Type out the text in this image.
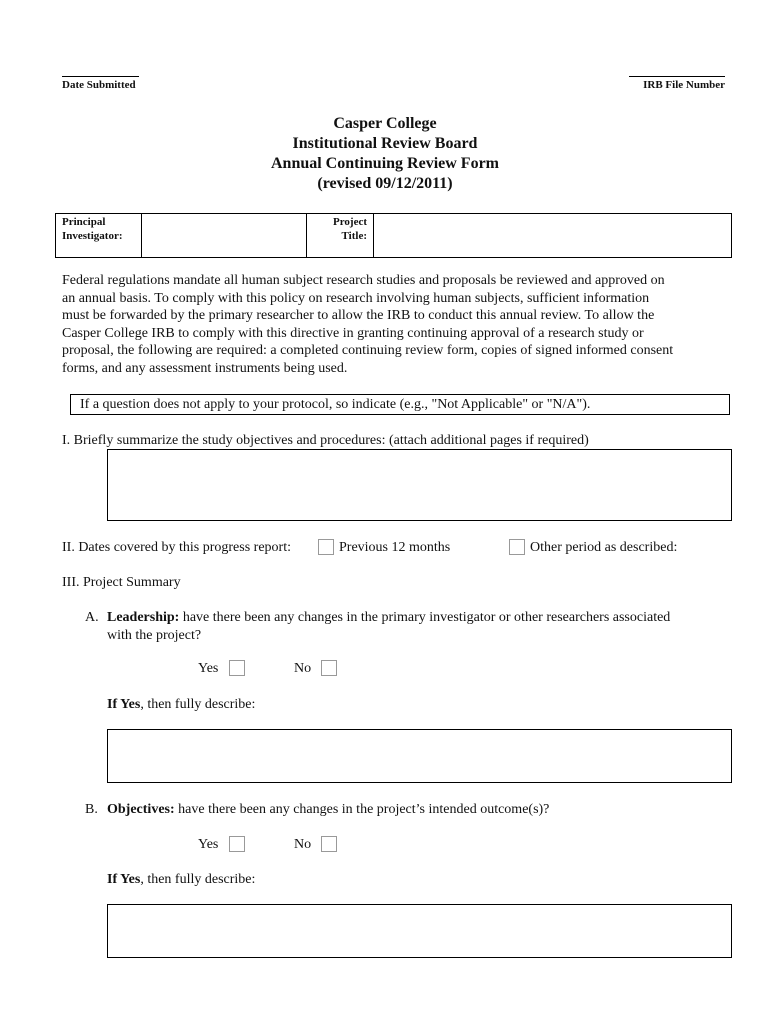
Date Submitted	IRB File Number
Casper College
Institutional Review Board
Annual Continuing Review Form
(revised 09/12/2011)
Principal
Investigator:
Project
Title:
Federal regulations mandate all human subject research studies and proposals be reviewed and approved on
an annual basis. To comply with this policy on research involving human subjects, sufficient information
must be forwarded by the primary researcher to allow the IRB to conduct this annual review. To allow the
Casper College IRB to comply with this directive in granting continuing approval of a research study or
proposal, the following are required: a completed continuing review form, copies of signed informed consent
forms, and any assessment instruments being used.
If a question does not apply to your protocol, so indicate (e.g., "Not Applicable" or "N/A").
I. Briefly summarize the study objectives and procedures: (attach additional pages if required)
II. Dates covered by this progress report:	Previous 12 months	Other period as described:
III. Project Summary
A. Leadership: have there been any changes in the primary investigator or other researchers associated
with the project?
Yes	No
If Yes, then fully describe:
B. Objectives: have there been any changes in the project’s intended outcome(s)?
Yes	No
If Yes, then fully describe:
